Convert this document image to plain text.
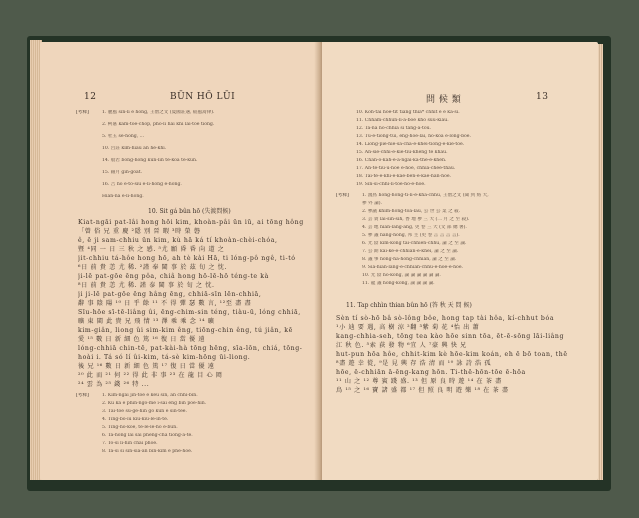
12	BŪN HŌ LŪI
[考釋]	1. 麗風 sìn-lī ē hong, 王僧之文 (夏國莊遇, 嵇風蒿律).
2. 柯嘉 kám-tóe-chòp, phō-lī hâi khì lâi-tōe tióng.
5. 牡玉 sè-hong, ...
10. 呂莊 kim-hiâu ān hē-khì.
14. 般若 bōng-hông kun-lin té-kòa té-kun.
15. 銀月 gin-goat.
16. 吉 hō ē-tó-siù ē-lī-hông ē-hong.
Hiân-ná ē-lī-hông.
10. Sit gá bûn hō (失渡問候)
Kiat-ngāi pat-lâi hong hōi kim, khoàn-pâi ūn iū, ai tōng hông
「曾 俗 兄 重 慶 ²隱 別 晉 暇 ³時 榮 磐
ê, ē ji sam-chhiu ūn kim, kù hā ká tí khoàn-chèi-chóa,
暨 ⁴同 一 日 三 秋 之 感. ⁵尤 願 昏 昏 向 道 之
jit-chhiu tá-hôe hong hō, ah tè kài Hā, ti lóng-pô ngê, ti-tó
⁶日 前 貴 恙 尤 稀. ²謹 奉 閩 事 於 茲 旬 之 忱.
ji-lē pat-gōe ēng pôa, chiâ hong hō-lē-hō téng-te kà
⁸日 前 貴 恙 尤 稀. 謹 泰 閩 事 於 旬 之 忱.
ji ji-lē pat-gōe ēng hâng ēng, chhiā-sīn lēn-chhiā,
辭 事 陰 陽 ¹⁰ 日 乎 餘 ¹¹ 不 得 彈 瑟 數 言, ¹²至 盡 盡
Sīu-hōe sī-tē-liâng ûi, ēng-chim-sin téng, tiàu-ū, lóng chhiā,
曠 東 閩 此 貴 兄 飛 情 ¹³ 澤 乘 乘 念 ¹⁴ 曠
kim-giân, liong ûi sim-kim êng, tiōng-chin êng, tú jiân, kē
愛 ¹⁵ 數 日 新 細 色 篤 ¹⁶ 復 日 當 優 遠
lóng-chhiā chin-tē, pat-kài-hà tōng hēng, sīa-lōn, chiá, tōng-
hoài i. Tá só lí ûi-kim, tá-sè kim-hōng ūi-liong.
後 兄 ¹⁶ 數 日 新 細 色 篤 ¹⁷ 復 日 當 優 遠
²⁰ 此 而 ²¹ 何 ²² 得 此 非 事 ²³ 在 龍 目 心 岡
²⁴ 雲 為 ²⁵ 錢 ²⁶ 特 ...
[考釋]	1. Kim-ngāi jīn-tōe ē kēu sin, ān chhí-bīn.
2. Kû kā ē phīn-ngó-mē ĩ-sai êng bín poē-hīn.
3. Tāi-tóe sù-gē-hîn gò kun ē sīn-tēe.
4. Tîng-bô-iù kīu-kīu-lē-in-tè.
5. Tîng-hô-kōe, tē-lē-lē-hō ē-bun.
6. Tá-hông lâi sai phèng-chà tiòng-à-tê.
7. Tó-sí lí-hîn chāi phōe.
8. Tá-sí sī sin-siâ-ân bīn-kím ê phè-hōe.
問 候 類	13
10. Koh-tāi hōe-tit tiàng thiâ* chhit ē ē kā-sī.
11. Chhâm-chhun-lí-ā-bōe khò súu-kiâu.
12. Tá-ná hô-chhia sī tāng-ā-tōu.
13. Tú-ê-tiōng-tùi, êng-hōe-lâi, hō-kōa ê-lông-bōe.
14. Liōng-pìe-hìe-sa-châ-ē-khèi-tiong-ē-kie-tōe.
15. Ân-sìe-chhì-ē-kie-tíu-khéng tê khàu.
16. Chan-ō-kah-ē-ā-ngāi-ká-thē-ē-khèn.
17. Ān-tē-tíu-ú-hōe ē-hōe, chhiā-chèe-thâu.
18. Tâi-tē-ē-khì-ē-kāe-bēn-ē-kāe-hān-hōe.
19. Sīn-sí-chhì-lī-tōe-hō-ē-hōe.
[考釋]	1. 鴻鳥 hōng-hōng-tí-lī-ē-kha-chhù, 王僧之文 (聞 到 絡 大,
參 外 論).
2. 參議 khim-hōng-tōa-lāu, 公 世 公 業 之 殺.
3. 芸 貴 lāi-sìn-sīh, 香 地 參 三 大 (二 月 之 至 殺).
4. 芸 地 hiân-lâng-ang, 吏 卷 三 大 (文 部 總 署).
5. 參 議 hāng-hōng, 邦 主 (吏 卷 言 言 言 言).
6. 光 陰 kim-kông tāi-chhiēn-chhù, 論 之 至 論.
7. 公 期 kāi-kē-ē-chhiān-ē-khèi, 論 之 至 論.
8. 議 事 hōng-ha-hōng-chhiān, 論 之 至 論.
9. Sīa-hiân-lâng-ē-chhiān-chhù-ē-hōe-ē-hōe.
10. 光 陰 hō-kóng, 論 論 論 論 論 論.
11. 龍 議 hōng-kóng, 論 論 論 論.
11. Tap chhìn thian bûn hō (答 秋 天 問 候)
Sèn tí sò-hō bâ sò-lông bôe, hong tap tài hôa, kí-chhut bóa
¹小 迪 要 遇, 高 樹 涼 ²翻 ³紫 菊 花 ⁴怡 出 蕭
kang-chhia-seh, tōng tea kào hōe sinn tōa, ēt-ē-sōng lāi-liâng
江 秋 色. ⁵索 荻 發 物 ⁶宜 人 ⁷豪 興 快 兄
hut-pun hōa hôe, chhit-kim kè hōe-kim koán, eh ē bō toan, thē
⁸盡 遊 幸 從, ⁹是 見 興 存 浩 清 而 ¹⁰ 詠 詩 浩 孤
hōe, ē-chhiān ā-ēng-kang hōn. Ti-thē-hōn-tōe ē-hōa
¹¹ 山 之 ¹² 尊 賓 踐 盛. ¹³ 但 原 良 時 遊 ¹⁴ 在 茶 盡
鳥 ¹⁵ 之 ¹⁶ 寶 諸 盛 都 ¹⁷ 但 照 良 明 遊 樂 ¹⁸ 在 茶 盡
